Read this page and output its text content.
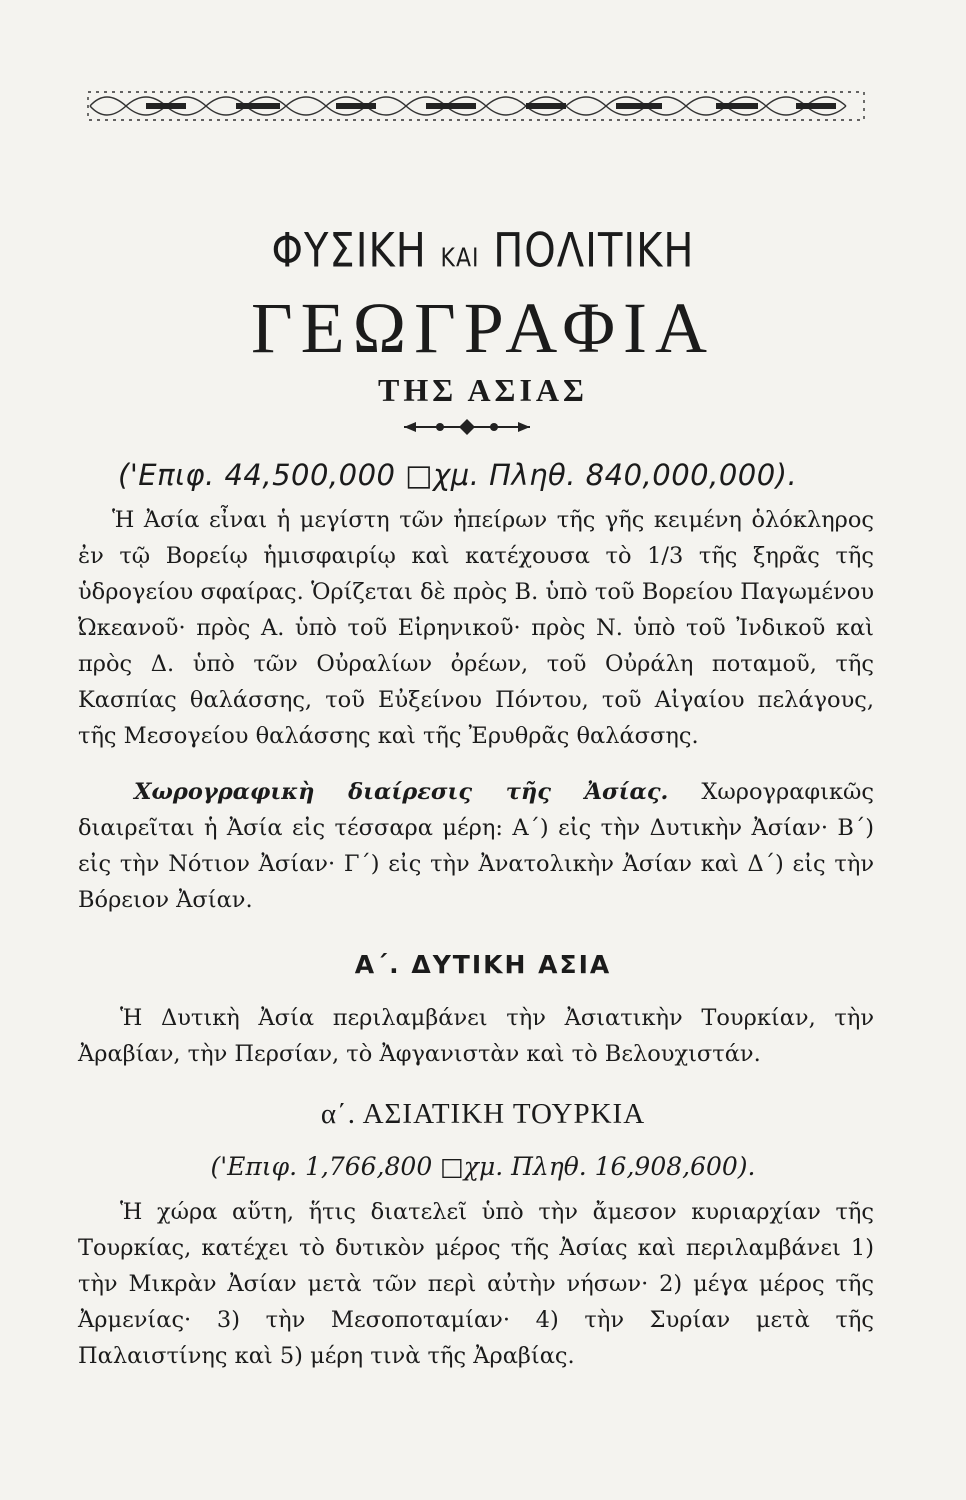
ΦΥΣΙΚΗ ΚΑΙ ΠΟΛΙΤΙΚΗ
ΓΕΩΓΡΑΦΙΑ
ΤΗΣ ΑΣΙΑΣ
('Επιφ. 44,500,000 □χμ. Πληθ. 840,000,000).
Ἡ Ἀσία εἶναι ἡ μεγίστη τῶν ἠπείρων τῆς γῆς κειμένη ὁλόκληρος ἐν τῷ Βορείῳ ἡμισφαιρίῳ καὶ κατέχουσα τὸ 1/3 τῆς ξηρᾶς τῆς ὑδρογείου σφαίρας. Ὁρίζεται δὲ πρὸς Β. ὑπὸ τοῦ Βορείου Παγωμένου Ὠκεανοῦ· πρὸς Α. ὑπὸ τοῦ Εἰρηνικοῦ· πρὸς Ν. ὑπὸ τοῦ Ἰνδικοῦ καὶ πρὸς Δ. ὑπὸ τῶν Οὐραλίων ὀρέων, τοῦ Οὐράλη ποταμοῦ, τῆς Κασπίας θαλάσσης, τοῦ Εὐξείνου Πόντου, τοῦ Αἰγαίου πελάγους, τῆς Μεσογείου θαλάσσης καὶ τῆς Ἐρυθρᾶς θαλάσσης.
Χωρογραφικὴ διαίρεσις τῆς Ἀσίας. Χωρογραφικῶς διαιρεῖται ἡ Ἀσία εἰς τέσσαρα μέρη: Α΄) εἰς τὴν Δυτικὴν Ἀσίαν· Β΄) εἰς τὴν Νότιον Ἀσίαν· Γ΄) εἰς τὴν Ἀνατολικὴν Ἀσίαν καὶ Δ΄) εἰς τὴν Βόρειον Ἀσίαν.
Α΄. ΔΥΤΙΚΗ ΑΣΙΑ
Ἡ Δυτικὴ Ἀσία περιλαμβάνει τὴν Ἀσιατικὴν Τουρκίαν, τὴν Ἀραβίαν, τὴν Περσίαν, τὸ Ἀφγανιστὰν καὶ τὸ Βελουχιστάν.
α΄. ΑΣΙΑΤΙΚΗ ΤΟΥΡΚΙΑ
('Επιφ. 1,766,800 □χμ. Πληθ. 16,908,600).
Ἡ χώρα αὕτη, ἥτις διατελεῖ ὑπὸ τὴν ἄμεσον κυριαρχίαν τῆς Τουρκίας, κατέχει τὸ δυτικὸν μέρος τῆς Ἀσίας καὶ περιλαμβάνει 1) τὴν Μικρὰν Ἀσίαν μετὰ τῶν περὶ αὐτὴν νήσων· 2) μέγα μέρος τῆς Ἀρμενίας· 3) τὴν Μεσοποταμίαν· 4) τὴν Συρίαν μετὰ τῆς Παλαιστίνης καὶ 5) μέρη τινὰ τῆς Ἀραβίας.
